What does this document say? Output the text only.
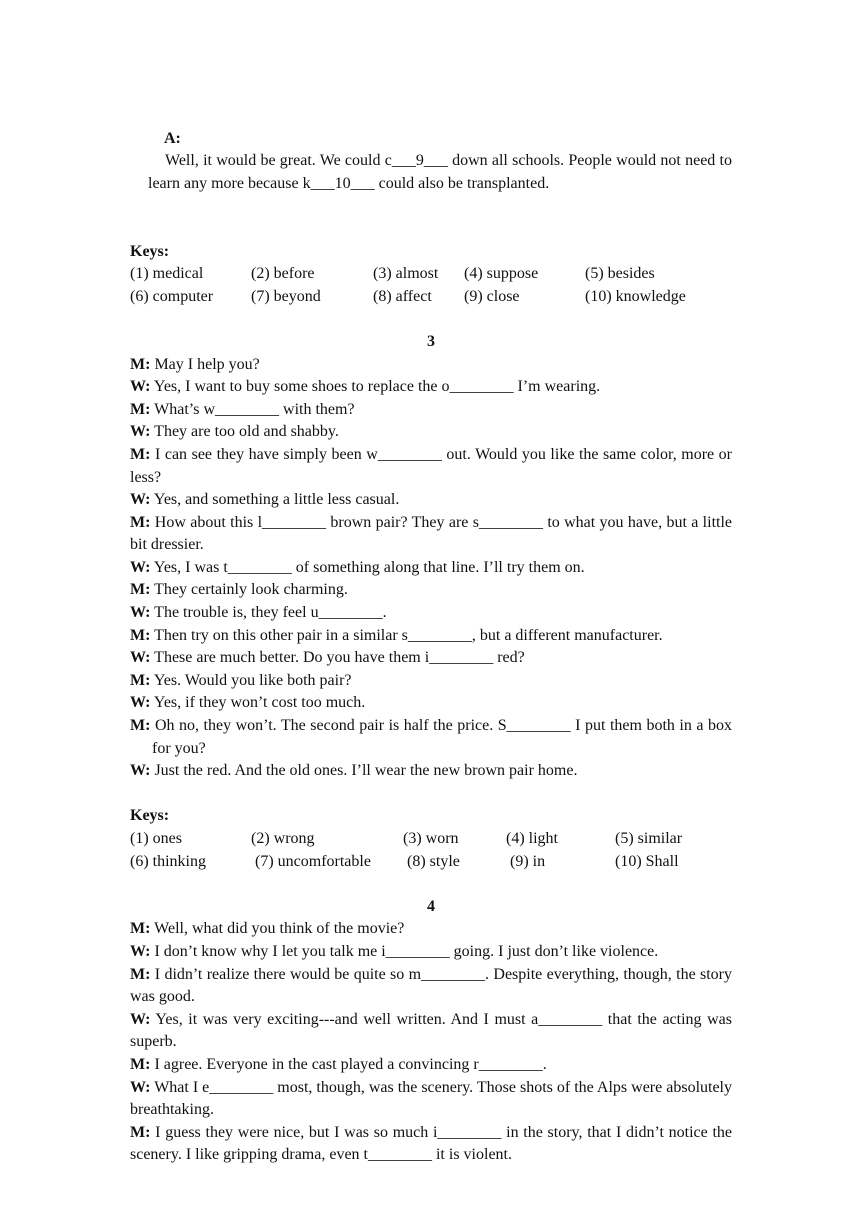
A:
Well, it would be great. We could c___9___ down all schools. People would not need to learn any more because k___10___ could also be transplanted.

Keys:
(1) medical	(2) before	(3) almost (4) suppose	(5) besides
(6) computer (7) beyond	(8) affect (9) close	(10) knowledge
3
M: May I help you?
W: Yes, I want to buy some shoes to replace the o________ I’m wearing.
M: What’s w________ with them?
W: They are too old and shabby.
M: I can see they have simply been w________ out. Would you like the same color, more or less?
W: Yes, and something a little less casual.
M: How about this l________ brown pair? They are s________ to what you have, but a little bit dressier.
W: Yes, I was t________ of something along that line. I’ll try them on.
M: They certainly look charming.
W: The trouble is, they feel u________.
M: Then try on this other pair in a similar s________, but a different manufacturer.
W: These are much better. Do you have them i________ red?
M: Yes. Would you like both pair?
W: Yes, if they won’t cost too much.
M: Oh no, they won’t. The second pair is half the price. S________ I put them both in a box for you?
W: Just the red. And the old ones. I’ll wear the new brown pair home.
Keys:
(1) ones	(2) wrong	(3) worn	(4) light	(5) similar
(6) thinking	(7) uncomfortable (8) style	(9) in	(10) Shall
4
M: Well, what did you think of the movie?
W: I don’t know why I let you talk me i________ going. I just don’t like violence.
M: I didn’t realize there would be quite so m________. Despite everything, though, the story was good.
W: Yes, it was very exciting---and well written. And I must a________ that the acting was superb.
M: I agree. Everyone in the cast played a convincing r________.
W: What I e________ most, though, was the scenery. Those shots of the Alps were absolutely breathtaking.
M: I guess they were nice, but I was so much i________ in the story, that I didn’t notice the scenery. I like gripping drama, even t________ it is violent.
